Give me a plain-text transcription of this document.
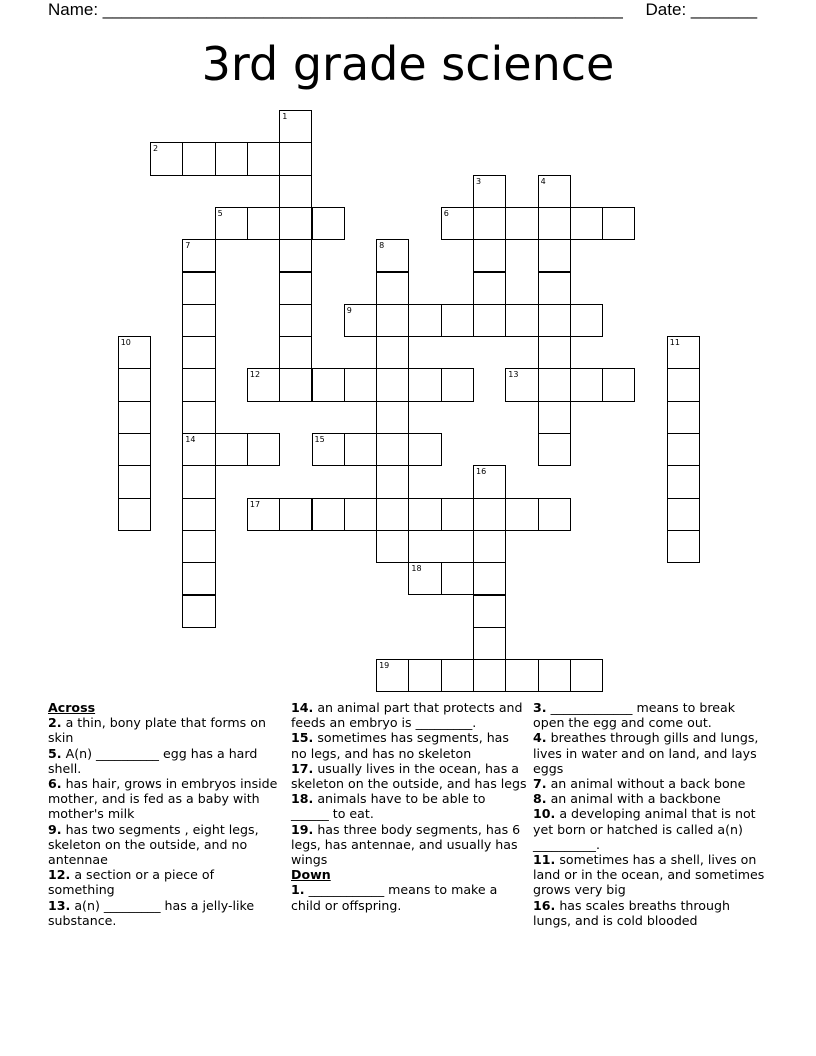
Name: _______________________________________________________ Date: _______
3rd grade science
1
2
3	4
5	6
7
14
8
9
10	11
12	13
15
16
17
18
19
Across
2. a thin, bony plate that forms on skin
5. A(n) __________ egg has a hard shell.
6. has hair, grows in embryos inside mother, and is fed as a baby with mother's milk
9. has two segments , eight legs, skeleton on the outside, and no antennae
12. a section or a piece of something
13. a(n) _________ has a jelly-like substance.
14. an animal part that protects and feeds an embryo is _________.
15. sometimes has segments, has no legs, and has no skeleton
17. usually lives in the ocean, has a skeleton on the outside, and has legs
18. animals have to be able to ______ to eat.
19. has three body segments, has 6 legs, has antennae, and usually has wings
Down
1. ____________ means to make a child or offspring.
3. _____________ means to break open the egg and come out.
4. breathes through gills and lungs, lives in water and on land, and lays eggs
7. an animal without a back bone
8. an animal with a backbone
10. a developing animal that is not yet born or hatched is called a(n) __________.
11. sometimes has a shell, lives on land or in the ocean, and sometimes grows very big
16. has scales breaths through lungs, and is cold blooded
